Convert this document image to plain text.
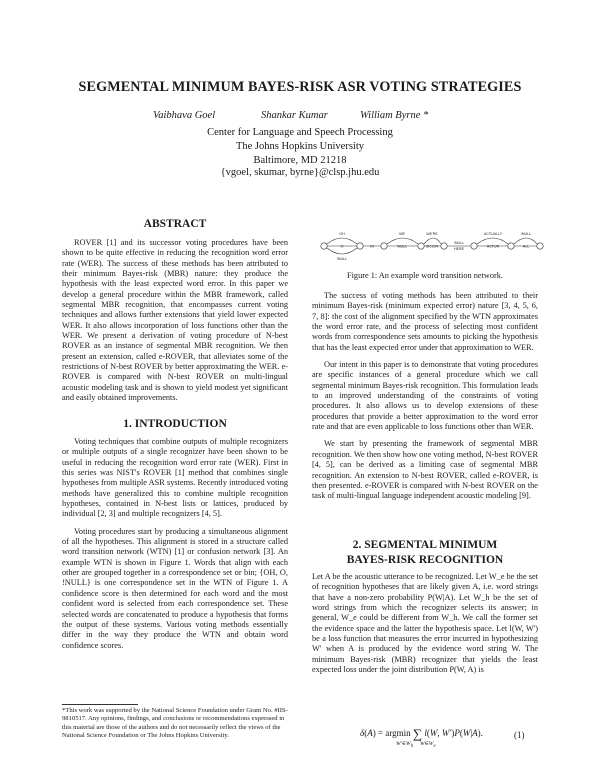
SEGMENTAL MINIMUM BAYES-RISK ASR VOTING STRATEGIES
Vaibhava Goel	Shankar Kumar	William Byrne *
Center for Language and Speech Processing
The Johns Hopkins University
Baltimore, MD 21218
{vgoel, skumar, byrne}@clsp.jhu.edu
ABSTRACT

ROVER [1] and its successor voting procedures have been shown to be quite effective in reducing the recognition word error rate (WER). The success of these methods has been attributed to their minimum Bayes-risk (MBR) nature: they produce the hypothesis with the least expected word error. In this paper we develop a general procedure within the MBR framework, called segmental MBR recognition, that encompasses current voting techniques and allows further extensions that yield lower expected WER. It also allows incorporation of loss functions other than the WER. We present a derivation of voting procedure of N-best ROVER as an instance of segmental MBR recognition. We then present an extension, called e-ROVER, that alleviates some of the restrictions of N-best ROVER by better approximating the WER. e-ROVER is compared with N-best ROVER on multi-lingual acoustic modeling task and is shown to yield modest yet significant and easily obtained improvements.

1. INTRODUCTION

Voting techniques that combine outputs of multiple recognizers or multiple outputs of a single recognizer have been shown to be useful in reducing the recognition word error rate (WER). First in this series was NIST's ROVER [1] method that combines single hypotheses from multiple ASR systems. Recently introduced voting methods have generalized this to combine multiple recognition hypotheses, contained in N-best lists or lattices, produced by individual [2, 3] and multiple recognizers [4, 5].

Voting procedures start by producing a simultaneous alignment of all the hypotheses. This alignment is stored in a structure called word transition network (WTN) [1] or confusion network [3]. An example WTN is shown in Figure 1. Words that align with each other are grouped together in a correspondence set or bin; {OH, O, !NULL} is one correspondence set in the WTN of Figure 1. A confidence score is then determined for each word and the most confident word is selected from each correspondence set. These selected words are concatenated to produce a hypothesis that forms the output of these systems. Various voting methods essentially differ in the way they produce the WTN and obtain word confidence scores.

*This work was supported by the National Science Foundation under Grant No. #IIS-9810517. Any opinions, findings, and conclusions or recommendations expressed in this material are those of the authors and do not necessarily reflect the views of the National Science Foundation or The Johns Hopkins University.
OH
O
!NULL
IN	!NULL
WE	WE'RE
SICCIN
!NULL
HERE
ACTUALLY
ACTUR
!NULL
ALL
Figure 1: An example word transition network.

The success of voting methods has been attributed to their minimum Bayes-risk (minimum expected error) nature [3, 4, 5, 6, 7, 8]: the cost of the alignment specified by the WTN approximates the word error rate, and the process of selecting most confident words from correspondence sets amounts to picking the hypothesis that has the least expected error under that approximation to WER.

Our intent in this paper is to demonstrate that voting procedures are specific instances of a general procedure which we call segmental minimum Bayes-risk recognition. This formulation leads to an improved understanding of the constraints of voting procedures. It also allows us to develop extensions of these procedures that provide a better approximation to the word error rate and that are even applicable to loss functions other than WER.

We start by presenting the framework of segmental MBR recognition. We then show how one voting method, N-best ROVER [4, 5], can be derived as a limiting case of segmental MBR recognition. An extension to N-best ROVER, called e-ROVER, is then presented. e-ROVER is compared with N-best ROVER on the task of multi-lingual language independent acoustic modeling [9].

2. SEGMENTAL MINIMUM
BAYES-RISK RECOGNITION

Let A be the acoustic utterance to be recognized. Let W_e be the set of recognition hypotheses that are likely given A, i.e. word strings that have a non-zero probability P(W|A). Let W_h be the set of word strings from which the recognizer selects its answer; in general, W_e could be different from W_h. We call the former set the evidence space and the latter the hypothesis space. Let l(W, W') be a loss function that measures the error incurred in hypothesizing W' when A is produced by the evidence word string W. The minimum Bayes-risk (MBR) recognizer that yields the least expected loss under the joint distribution P(W, A) is

δ(A) = argmin ∑ l(W, W′)P(W|A).
$W'\in W_h$     $W\in W_e$
(1)
